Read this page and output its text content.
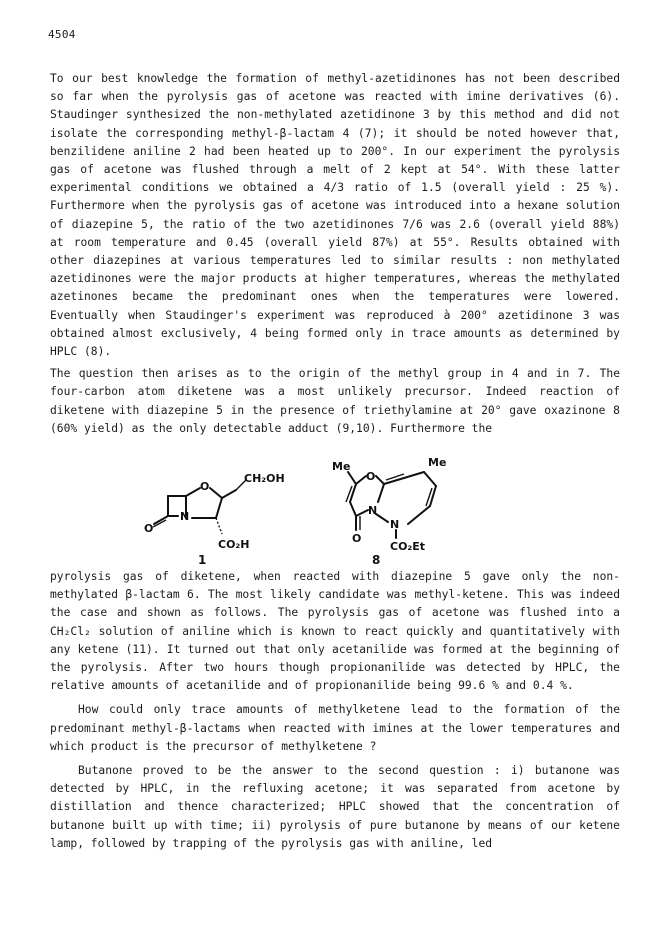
4504

To our best knowledge the formation of methyl-azetidinones has not been described so far when the pyrolysis gas of acetone was reacted with imine derivatives (6). Staudinger synthesized the non-methylated azetidinone 3 by this method and did not isolate the corresponding methyl-β-lactam 4 (7); it should be noted however that, benzilidene aniline 2 had been heated up to 200°. In our experiment the pyrolysis gas of acetone was flushed through a melt of 2 kept at 54°. With these latter experimental conditions we obtained a 4/3 ratio of 1.5 (overall yield : 25 %). Furthermore when the pyrolysis gas of acetone was introduced into a hexane solution of diazepine 5, the ratio of the two azetidinones 7/6 was 2.6 (overall yield 88%) at room temperature and 0.45 (overall yield 87%) at 55°. Results obtained with other diazepines at various temperatures led to similar results : non methylated azetidinones were the major products at higher temperatures, whereas the methylated azetinones became the predominant ones when the temperatures were lowered. Eventually when Staudinger's experiment was reproduced à 200° azetidinone 3 was obtained almost exclusively, 4 being formed only in trace amounts as determined by HPLC (8).

The question then arises as to the origin of the methyl group in 4 and in 7. The four-carbon atom diketene was a most unlikely precursor. Indeed reaction of diketene with diazepine 5 in the presence of triethylamine at 20° gave oxazinone 8 (60% yield) as the only detectable adduct (9,10). Furthermore the

O
N
O
CH₂OH
CO₂H
1
Me	Me
O
O
N
N
CO₂Et
8

pyrolysis gas of diketene, when reacted with diazepine 5 gave only the non-methylated β-lactam 6. The most likely candidate was methyl-ketene. This was indeed the case and shown as follows. The pyrolysis gas of acetone was flushed into a CH₂Cl₂ solution of aniline which is known to react quickly and quantitatively with any ketene (11). It turned out that only acetanilide was formed at the beginning of the pyrolysis. After two hours though propionanilide was detected by HPLC, the relative amounts of acetanilide and of propionanilide being 99.6 % and 0.4 %.

How could only trace amounts of methylketene lead to the formation of the predominant methyl-β-lactams when reacted with imines at the lower temperatures and which product is the precursor of methylketene ?

Butanone proved to be the answer to the second question : i) butanone was detected by HPLC, in the refluxing acetone; it was separated from acetone by distillation and thence characterized; HPLC showed that the concentration of butanone built up with time; ii) pyrolysis of pure butanone by means of our ketene lamp, followed by trapping of the pyrolysis gas with aniline, led
